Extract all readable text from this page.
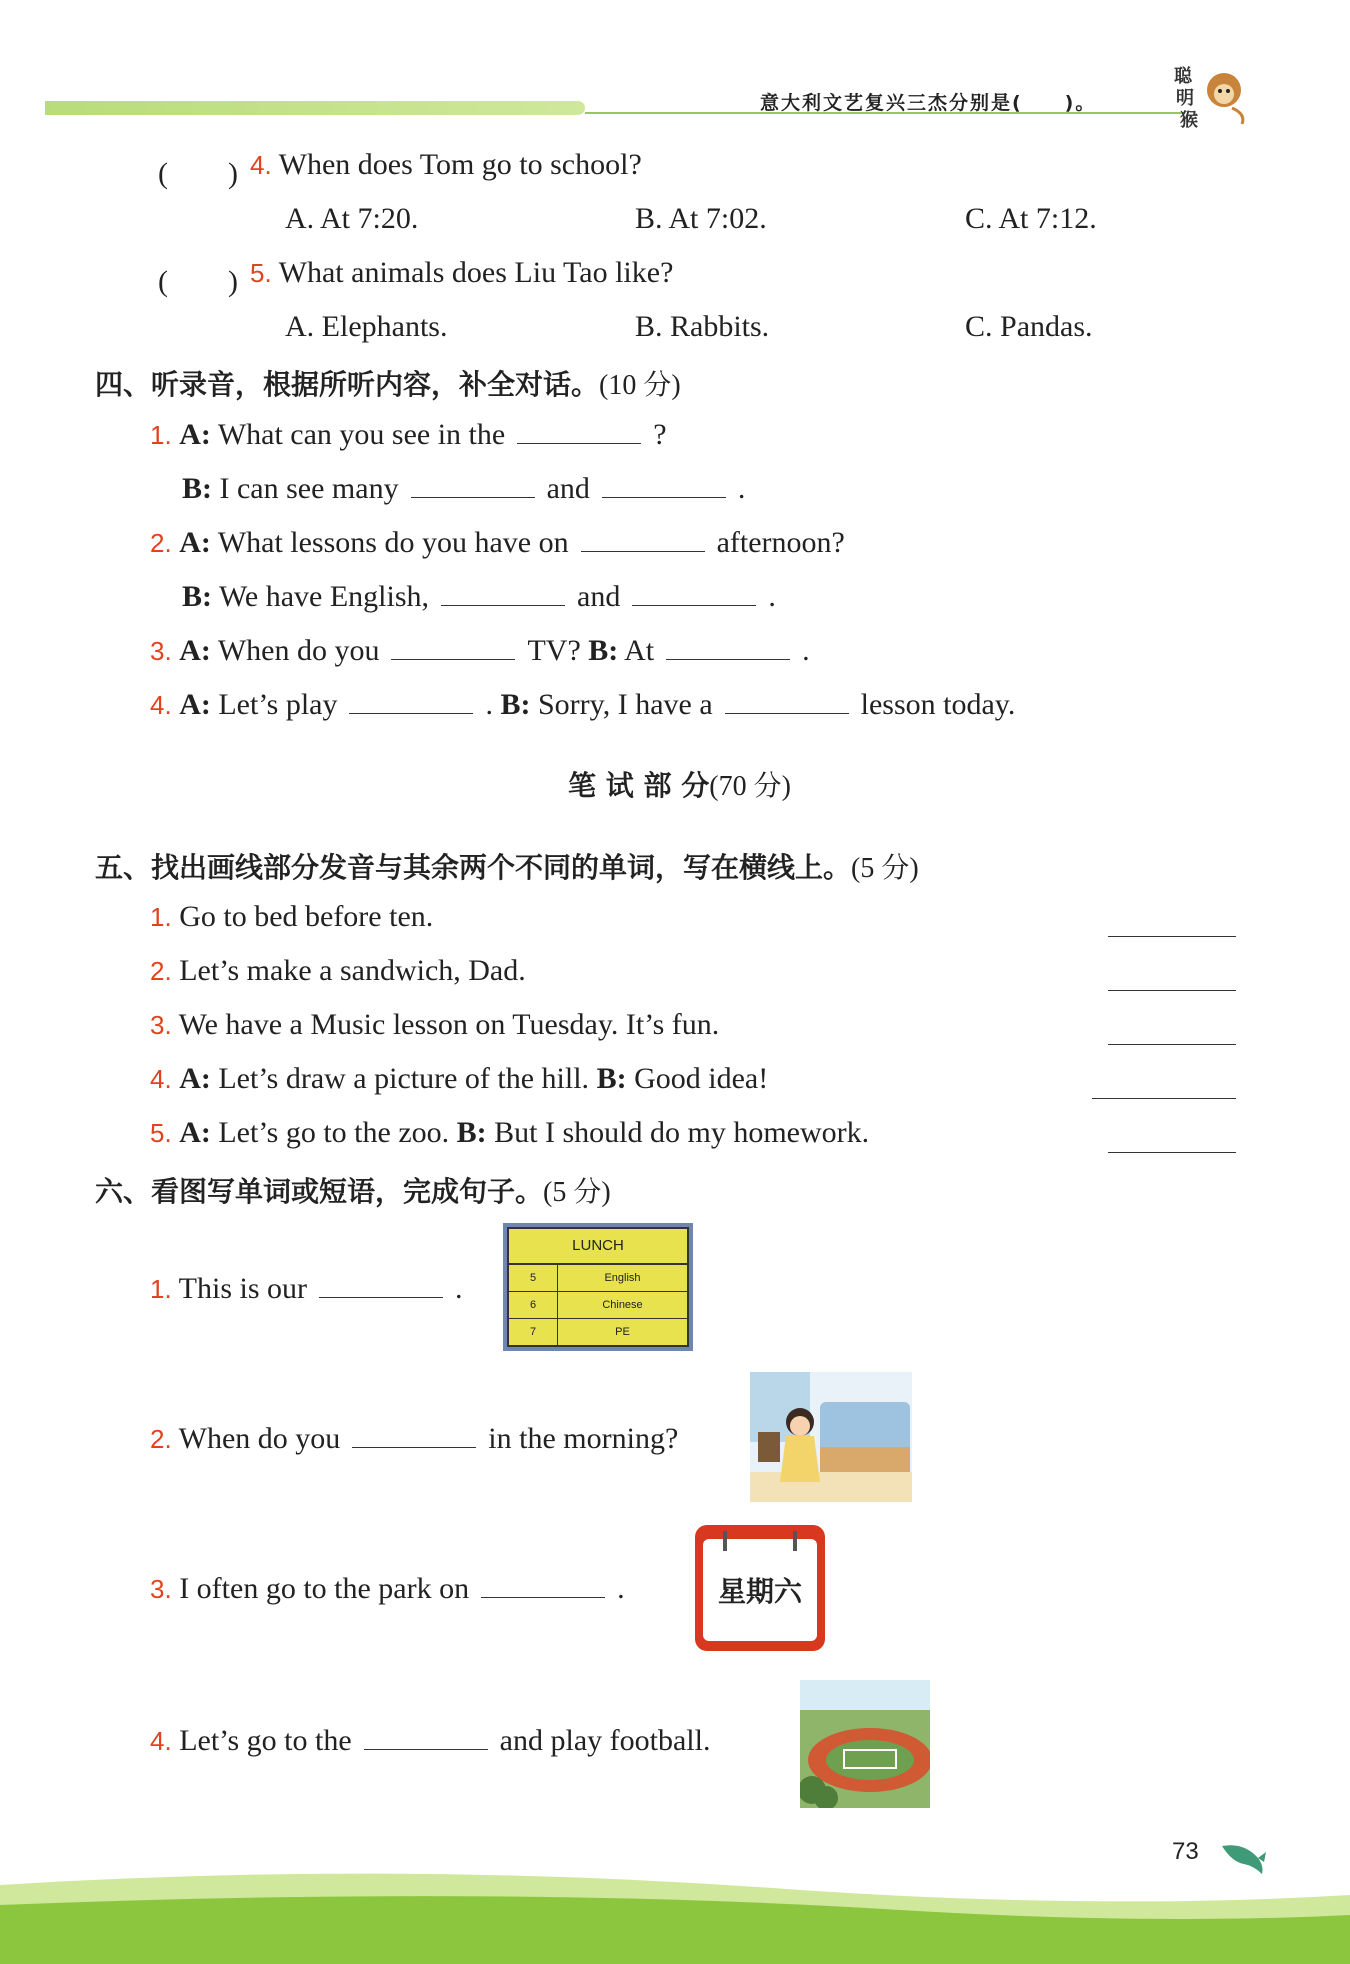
意大利文艺复兴三杰分别是(　　)。
聪
明
猴
(　　) 4. When does Tom go to school?
A. At 7:20.	B. At 7:02.	C. At 7:12.
(　　) 5. What animals does Liu Tao like?
A. Elephants.	B. Rabbits.	C. Pandas.
四、听录音，根据所听内容，补全对话。(10 分)
1. A: What can you see in the	?
B: I can see many	and	.
2. A: What lessons do you have on	afternoon?
B: We have English,	and	.
3. A: When do you	TV? B: At	.
4. A: Let’s play	. B: Sorry, I have a	lesson today.
笔 试 部 分(70 分)
五、找出画线部分发音与其余两个不同的单词，写在横线上。(5 分)
1. Go to bed before ten.
2. Let’s make a sandwich, Dad.
3. We have a Music lesson on Tuesday. It’s fun.
4. A: Let’s draw a picture of the hill. B: Good idea!
5. A: Let’s go to the zoo. B: But I should do my homework.
六、看图写单词或短语，完成句子。(5 分)
1. This is our	.
LUNCH
5	English
6	Chinese
7	PE
2. When do you	in the morning?
3. I often go to the park on	.	星期六
4. Let’s go to the	and play football.
73
